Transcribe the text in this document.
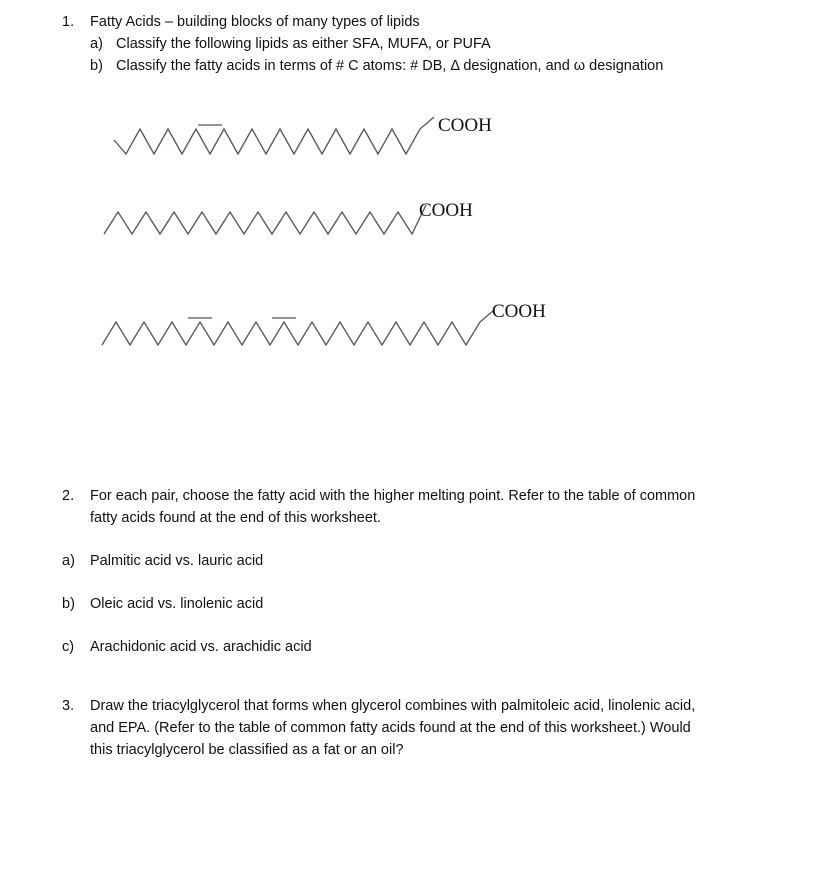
1. Fatty Acids – building blocks of many types of lipids
a) Classify the following lipids as either SFA, MUFA, or PUFA
b) Classify the fatty acids in terms of # C atoms: # DB, Δ designation, and ω designation
COOH
COOH
COOH
2. For each pair, choose the fatty acid with the higher melting point. Refer to the table of common
fatty acids found at the end of this worksheet.
a) Palmitic acid vs. lauric acid
b) Oleic acid vs. linolenic acid
c) Arachidonic acid vs. arachidic acid
3. Draw the triacylglycerol that forms when glycerol combines with palmitoleic acid, linolenic acid,
and EPA. (Refer to the table of common fatty acids found at the end of this worksheet.) Would
this triacylglycerol be classified as a fat or an oil?
